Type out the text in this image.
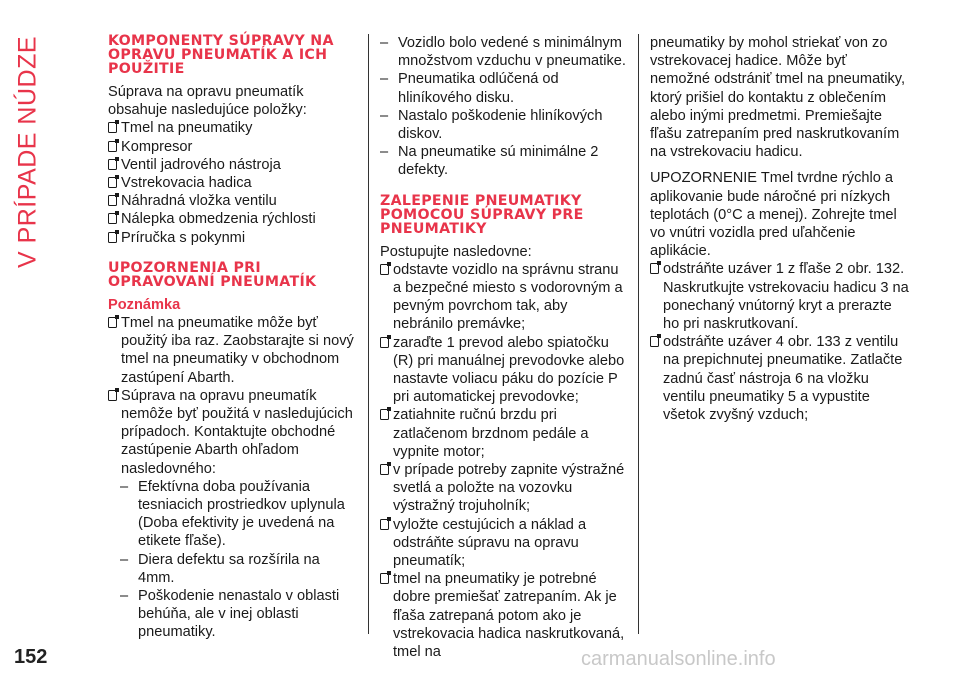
V PRÍPADE NÚDZE	KOMPONENTY SÚPRAVY NA OPRAVU PNEUMATÍK A ICH POUŽITIE

Súprava na opravu pneumatík obsahuje nasledujúce položky:

Tmel na pneumatiky
Kompresor
Ventil jadrového nástroja
Vstrekovacia hadica
Náhradná vložka ventilu
Nálepka obmedzenia rýchlosti
Príručka s pokynmi
UPOZORNENIA PRI OPRAVOVANÍ PNEUMATÍK
Poznámka
Tmel na pneumatike môže byť použitý iba raz. Zaobstarajte si nový tmel na pneumatiky v obchodnom zastúpení Abarth.
Súprava na opravu pneumatík nemôže byť použitá v nasledujúcich prípadoch. Kontaktujte obchodné zastúpenie Abarth ohľadom nasledovného:
– Efektívna doba používania tesniacich prostriedkov uplynula (Doba efektivity je uvedená na etikete fľaše).
– Diera defektu sa rozšírila na 4mm.
– Poškodenie nenastalo v oblasti behúňa, ale v inej oblasti pneumatiky.
– Vozidlo bolo vedené s minimálnym množstvom vzduchu v pneumatike.
– Pneumatika odlúčená od hliníkového disku.
– Nastalo poškodenie hliníkových diskov.
– Na pneumatike sú minimálne 2 defekty.
ZALEPENIE PNEUMATIKY POMOCOU SÚPRAVY PRE PNEUMATIKY

Postupujte nasledovne:

odstavte vozidlo na správnu stranu a bezpečné miesto s vodorovným a pevným povrchom tak, aby nebránilo premávke;
zaraďte 1 prevod alebo spiatočku (R) pri manuálnej prevodovke alebo nastavte voliacu páku do pozície P pri automatickej prevodovke;
zatiahnite ručnú brzdu pri zatlačenom brzdnom pedále a vypnite motor;
v prípade potreby zapnite výstražné svetlá a položte na vozovku výstražný trojuholník;
vyložte cestujúcich a náklad a odstráňte súpravu na opravu pneumatík;
tmel na pneumatiky je potrebné dobre premiešať zatrepaním. Ak je fľaša zatrepaná potom ako je vstrekovacia hadica naskrutkovaná, tmel na

pneumatiky by mohol striekať von zo vstrekovacej hadice. Môže byť nemožné odstrániť tmel na pneumatiky, ktorý prišiel do kontaktu z oblečením alebo inými predmetmi. Premiešajte fľašu zatrepaním pred naskrutkovaním na vstrekovaciu hadicu.

UPOZORNENIE Tmel tvrdne rýchlo a aplikovanie bude náročné pri nízkych teplotách (0°C a menej). Zohrejte tmel vo vnútri vozidla pred uľahčenie aplikácie.

odstráňte uzáver 1 z fľaše 2 obr. 132. Naskrutkujte vstrekovaciu hadicu 3 na ponechaný vnútorný kryt a prerazte ho pri naskrutkovaní.
odstráňte uzáver 4 obr. 133 z ventilu na prepichnutej pneumatike. Zatlačte zadnú časť nástroja 6 na vložku ventilu pneumatiky 5 a vypustite všetok zvyšný vzduch;
152	carmanualsonline.info
